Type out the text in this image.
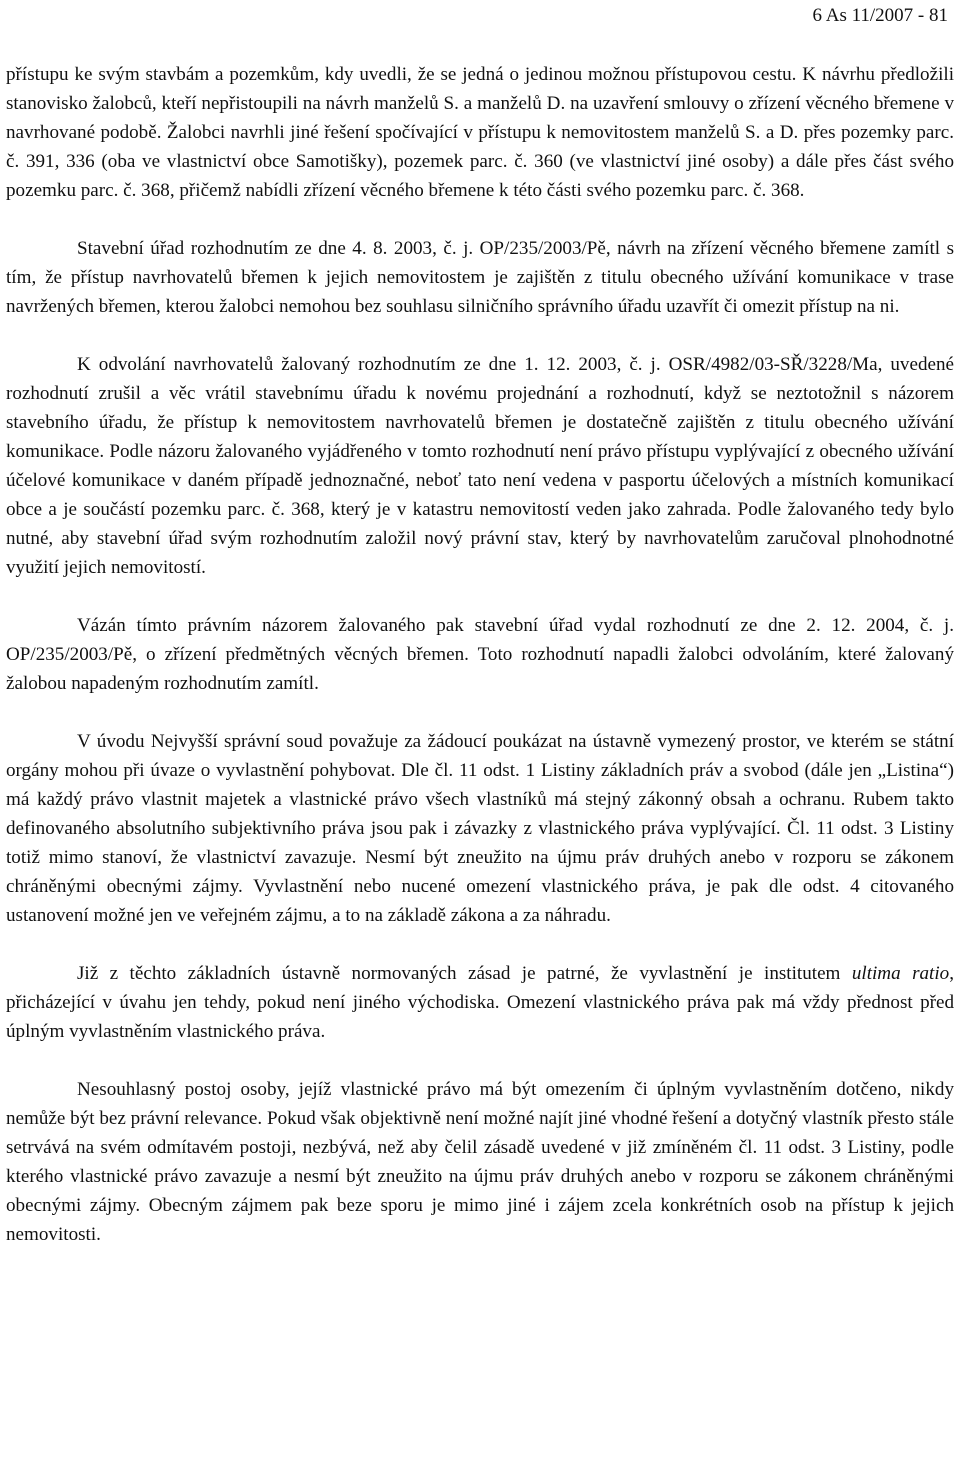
6 As 11/2007 - 81

přístupu ke svým stavbám a pozemkům, kdy uvedli, že se jedná o jedinou možnou přístupovou cestu. K návrhu předložili stanovisko žalobců, kteří nepřistoupili na návrh manželů S. a manželů D. na uzavření smlouvy o zřízení věcného břemene v navrhované podobě. Žalobci navrhli jiné řešení spočívající v přístupu k nemovitostem manželů S. a D. přes pozemky parc. č. 391, 336 (oba ve vlastnictví obce Samotišky), pozemek parc. č. 360 (ve vlastnictví jiné osoby) a dále přes část svého pozemku parc. č. 368, přičemž nabídli zřízení věcného břemene k této části svého pozemku parc. č. 368.

Stavební úřad rozhodnutím ze dne 4. 8. 2003, č. j. OP/235/2003/Pě, návrh na zřízení věcného břemene zamítl s tím, že přístup navrhovatelů břemen k jejich nemovitostem je zajištěn z titulu obecného užívání komunikace v trase navržených břemen, kterou žalobci nemohou bez souhlasu silničního správního úřadu uzavřít či omezit přístup na ni.

K odvolání navrhovatelů žalovaný rozhodnutím ze dne 1. 12. 2003, č. j. OSR/4982/03-SŘ/3228/Ma, uvedené rozhodnutí zrušil a věc vrátil stavebnímu úřadu k novému projednání a rozhodnutí, když se neztotožnil s názorem stavebního úřadu, že přístup k nemovitostem navrhovatelů břemen je dostatečně zajištěn z titulu obecného užívání komunikace. Podle názoru žalovaného vyjádřeného v tomto rozhodnutí není právo přístupu vyplývající z obecného užívání účelové komunikace v daném případě jednoznačné, neboť tato není vedena v pasportu účelových a místních komunikací obce a je součástí pozemku parc. č. 368, který je v katastru nemovitostí veden jako zahrada. Podle žalovaného tedy bylo nutné, aby stavební úřad svým rozhodnutím založil nový právní stav, který by navrhovatelům zaručoval plnohodnotné využití jejich nemovitostí.

Vázán tímto právním názorem žalovaného pak stavební úřad vydal rozhodnutí ze dne 2. 12. 2004, č. j. OP/235/2003/Pě, o zřízení předmětných věcných břemen. Toto rozhodnutí napadli žalobci odvoláním, které žalovaný žalobou napadeným rozhodnutím zamítl.

V úvodu Nejvyšší správní soud považuje za žádoucí poukázat na ústavně vymezený prostor, ve kterém se státní orgány mohou při úvaze o vyvlastnění pohybovat. Dle čl. 11 odst. 1 Listiny základních práv a svobod (dále jen „Listina“) má každý právo vlastnit majetek a vlastnické právo všech vlastníků má stejný zákonný obsah a ochranu. Rubem takto definovaného absolutního subjektivního práva jsou pak i závazky z vlastnického práva vyplývající. Čl. 11 odst. 3 Listiny totiž mimo stanoví, že vlastnictví zavazuje. Nesmí být zneužito na újmu práv druhých anebo v rozporu se zákonem chráněnými obecnými zájmy. Vyvlastnění nebo nucené omezení vlastnického práva, je pak dle odst. 4 citovaného ustanovení možné jen ve veřejném zájmu, a to na základě zákona a za náhradu.

Již z těchto základních ústavně normovaných zásad je patrné, že vyvlastnění je institutem ultima ratio, přicházející v úvahu jen tehdy, pokud není jiného východiska. Omezení vlastnického práva pak má vždy přednost před úplným vyvlastněním vlastnického práva.

Nesouhlasný postoj osoby, jejíž vlastnické právo má být omezením či úplným vyvlastněním dotčeno, nikdy nemůže být bez právní relevance. Pokud však objektivně není možné najít jiné vhodné řešení a dotyčný vlastník přesto stále setrvává na svém odmítavém postoji, nezbývá, než aby čelil zásadě uvedené v již zmíněném čl. 11 odst. 3 Listiny, podle kterého vlastnické právo zavazuje a nesmí být zneužito na újmu práv druhých anebo v rozporu se zákonem chráněnými obecnými zájmy. Obecným zájmem pak beze sporu je mimo jiné i zájem zcela konkrétních osob na přístup k jejich nemovitosti.
